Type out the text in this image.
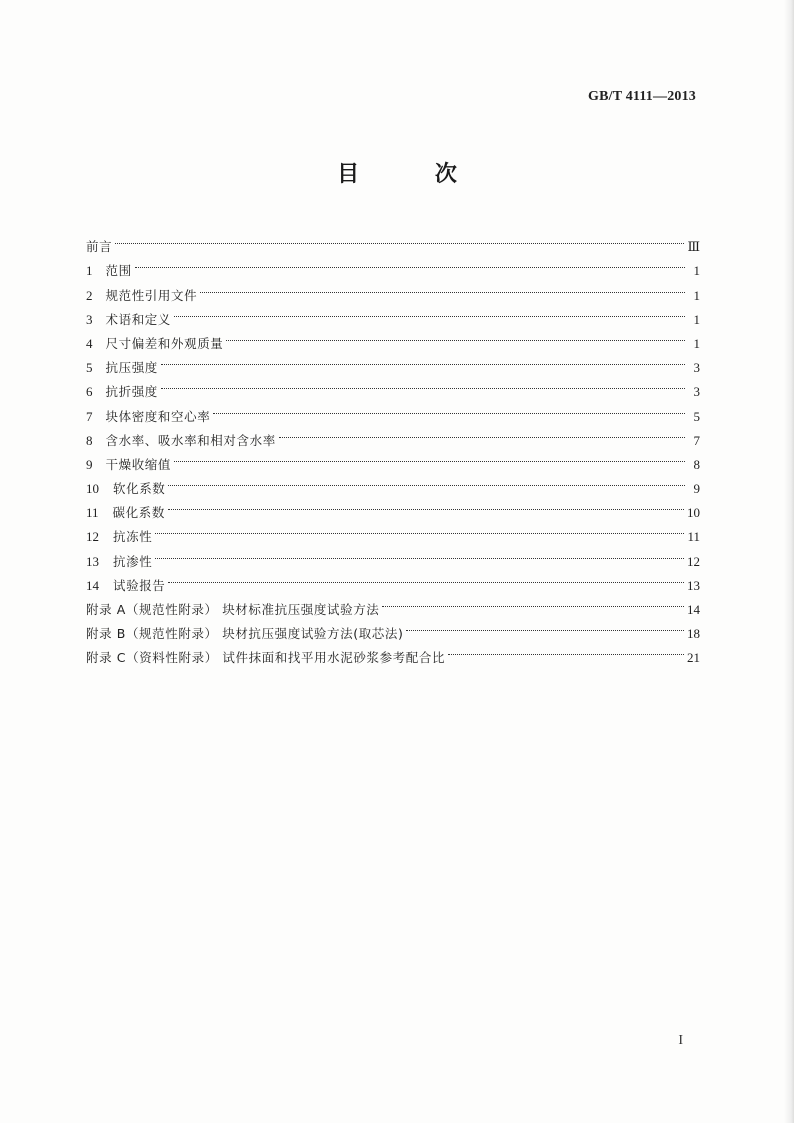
GB/T 4111—2013
目 次
前言	Ⅲ
1 范围	1
2 规范性引用文件	1
3 术语和定义	1
4 尺寸偏差和外观质量	1
5 抗压强度	3
6 抗折强度	3
7 块体密度和空心率	5
8 含水率、吸水率和相对含水率	7
9 干燥收缩值	8
10 软化系数	9
11 碳化系数	10
12 抗冻性	11
13 抗渗性	12
14 试验报告	13
附录 A（规范性附录） 块材标准抗压强度试验方法	14
附录 B（规范性附录） 块材抗压强度试验方法(取芯法)	18
附录 C（资料性附录） 试件抹面和找平用水泥砂浆参考配合比	21
I
